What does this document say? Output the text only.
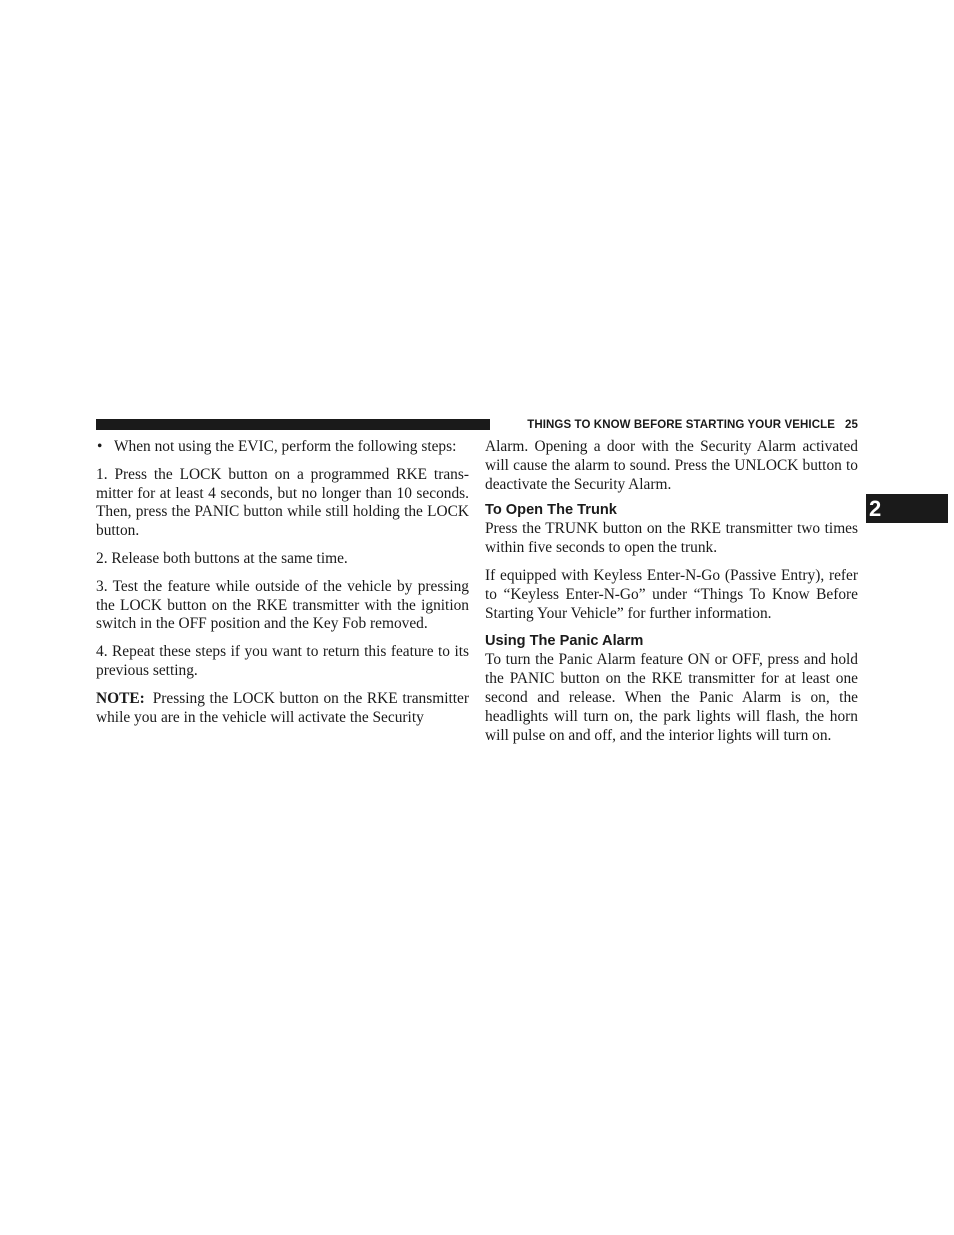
THINGS TO KNOW BEFORE STARTING YOUR VEHICLE 25
2
• When not using the EVIC, perform the following steps:

1. Press the LOCK button on a programmed RKE transmitter for at least 4 seconds, but no longer than 10 seconds. Then, press the PANIC button while still holding the LOCK button.

2. Release both buttons at the same time.

3. Test the feature while outside of the vehicle by pressing the LOCK button on the RKE transmitter with the ignition switch in the OFF position and the Key Fob removed.

4. Repeat these steps if you want to return this feature to its previous setting.

NOTE: Pressing the LOCK button on the RKE transmitter while you are in the vehicle will activate the Security

Alarm. Opening a door with the Security Alarm activated will cause the alarm to sound. Press the UNLOCK button to deactivate the Security Alarm.

To Open The Trunk

Press the TRUNK button on the RKE transmitter two times within five seconds to open the trunk.

If equipped with Keyless Enter-N-Go (Passive Entry), refer to “Keyless Enter-N-Go” under “Things To Know Before Starting Your Vehicle” for further information.

Using The Panic Alarm

To turn the Panic Alarm feature ON or OFF, press and hold the PANIC button on the RKE transmitter for at least one second and release. When the Panic Alarm is on, the headlights will turn on, the park lights will flash, the horn will pulse on and off, and the interior lights will turn on.
